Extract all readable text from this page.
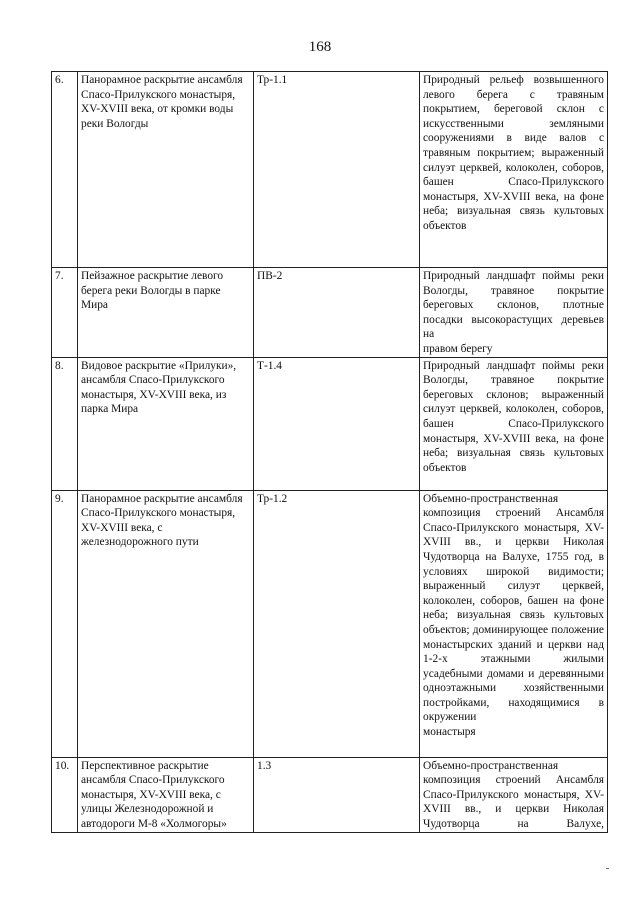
168
6.	Панорамное раскрытие ансамбля Спасо-Прилукского монастыря, XV-XVIII века, от кромки воды реки Вологды	Тр-1.1	Природный рельеф возвышенного левого берега с травяным покрытием, береговой склон с искусственными земляными сооружениями в виде валов с травяным покрытием; выраженный силуэт церквей, колоколен, соборов, башен Спасо-Прилукского монастыря, XV-XVIII века, на фоне неба; визуальная связь культовых
объектов

7.	Пейзажное раскрытие левого берега реки Вологды в парке Мира	ПВ-2	Природный ландшафт поймы реки Вологды, травяное покрытие береговых склонов, плотные посадки высокорастущих деревьев на
правом берегу

8.	Видовое раскрытие «Прилуки», ансамбля Спасо-Прилукского монастыря, XV-XVIII века, из парка Мира	Т-1.4	Природный ландшафт поймы реки Вологды, травяное покрытие береговых склонов; выраженный силуэт церквей, колоколен, соборов, башен Спасо-Прилукского монастыря, XV-XVIII века, на фоне неба; визуальная связь культовых
объектов

9.	Панорамное раскрытие ансамбля Спасо-Прилукского монастыря, XV-XVIII века, с железнодорожного пути	Тр-1.2	Объемно-пространственная композиция строений Ансамбля Спасо-Прилукского монастыря, XV-XVIII вв., и церкви Николая Чудотворца на Валухе, 1755 год, в условиях широкой видимости; выраженный силуэт церквей, колоколен, соборов, башен на фоне неба; визуальная связь культовых объектов; доминирующее положение монастырских зданий и церкви над 1-2-х этажными жилыми усадебными домами и деревянными одноэтажными хозяйственными постройками, находящимися в окружении
монастыря

10.	Перспективное раскрытие ансамбля Спасо-Прилукского монастыря, XV-XVIII века, с улицы Железнодорожной и автодороги М-8 «Холмогоры»	1.3	Объемно-пространственная композиция строений Ансамбля Спасо-Прилукского монастыря, XV-XVIII вв., и церкви Николая Чудотворца на Валухе,
